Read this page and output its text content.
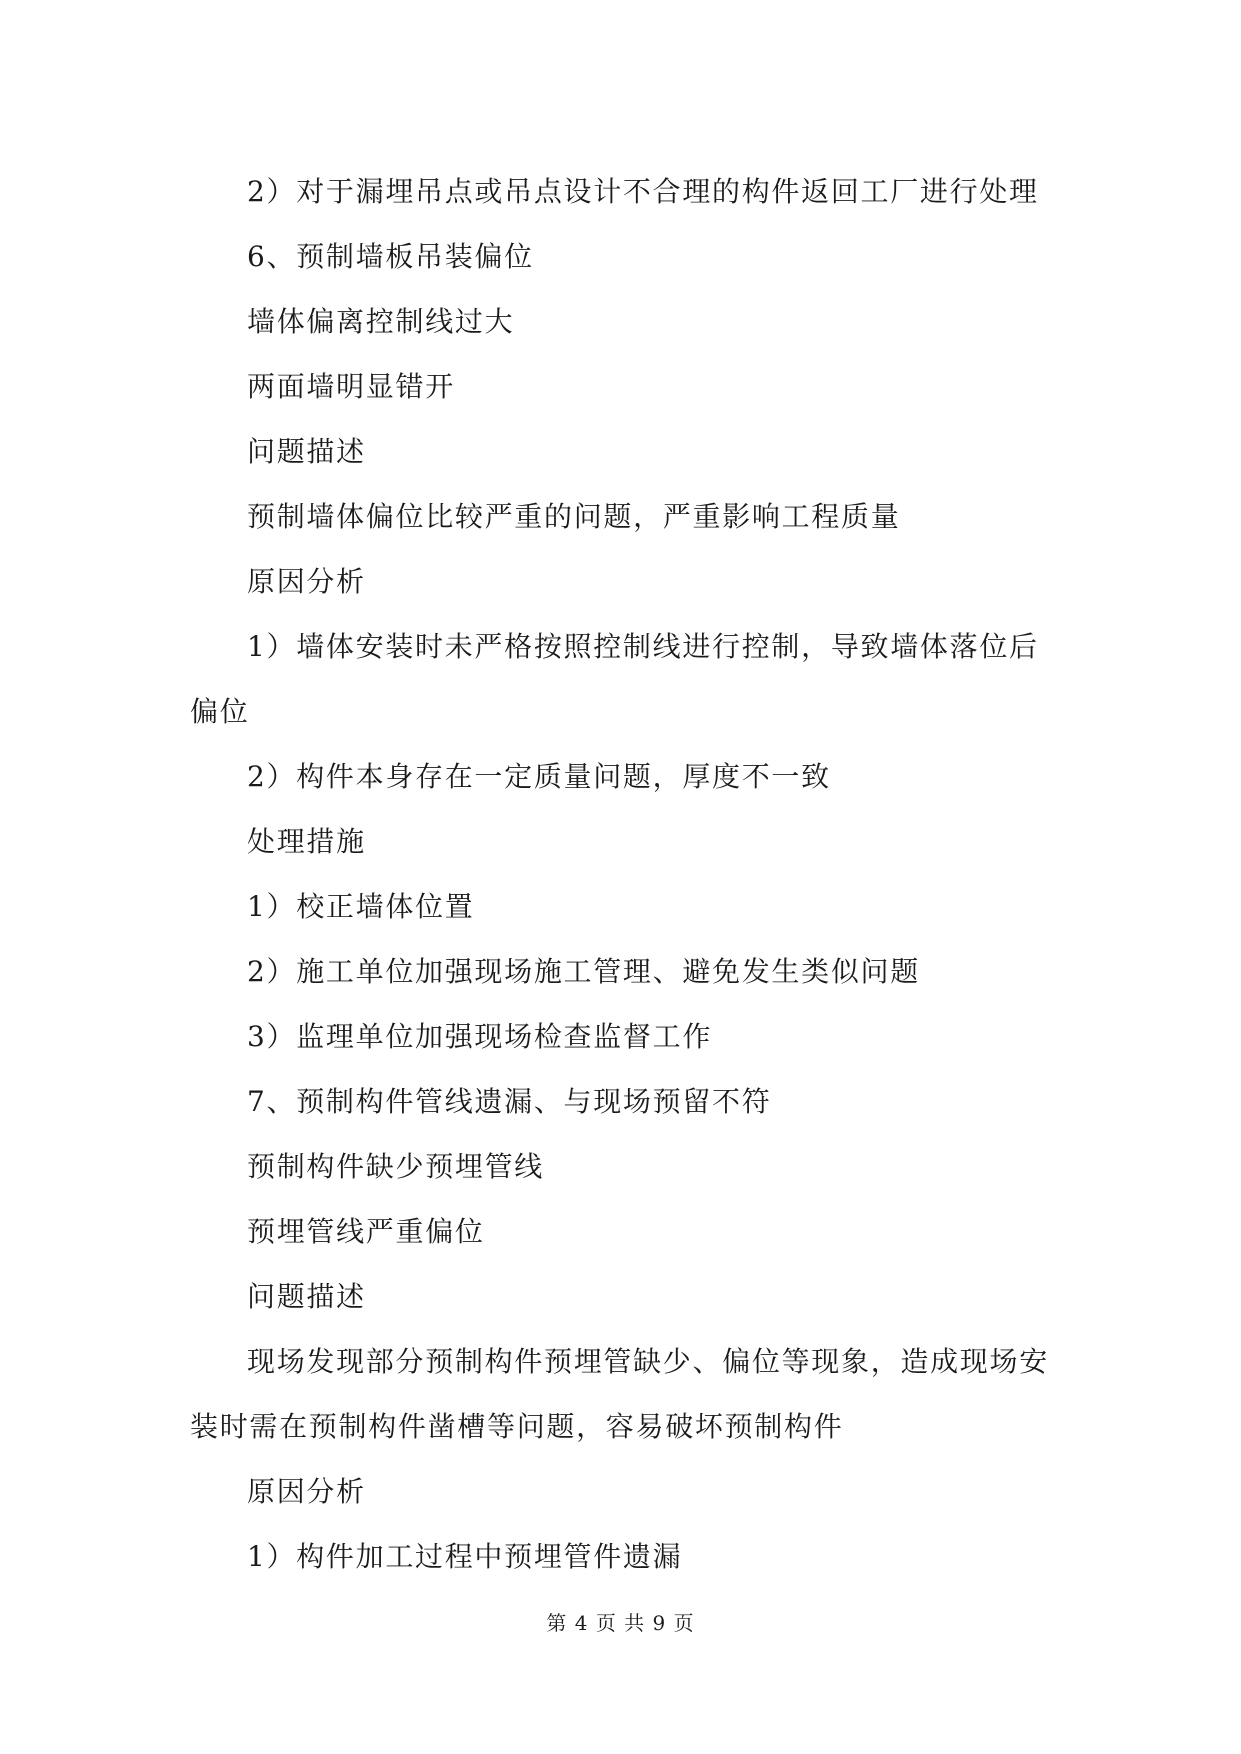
2）对于漏埋吊点或吊点设计不合理的构件返回工厂进行处理

6、预制墙板吊装偏位

墙体偏离控制线过大

两面墙明显错开

问题描述

预制墙体偏位比较严重的问题，严重影响工程质量

原因分析

1）墙体安装时未严格按照控制线进行控制，导致墙体落位后偏位

2）构件本身存在一定质量问题，厚度不一致

处理措施

1）校正墙体位置

2）施工单位加强现场施工管理、避免发生类似问题

3）监理单位加强现场检查监督工作

7、预制构件管线遗漏、与现场预留不符

预制构件缺少预埋管线

预埋管线严重偏位

问题描述

现场发现部分预制构件预埋管缺少、偏位等现象，造成现场安装时需在预制构件凿槽等问题，容易破坏预制构件

原因分析

1）构件加工过程中预埋管件遗漏

第 4 页 共 9 页
